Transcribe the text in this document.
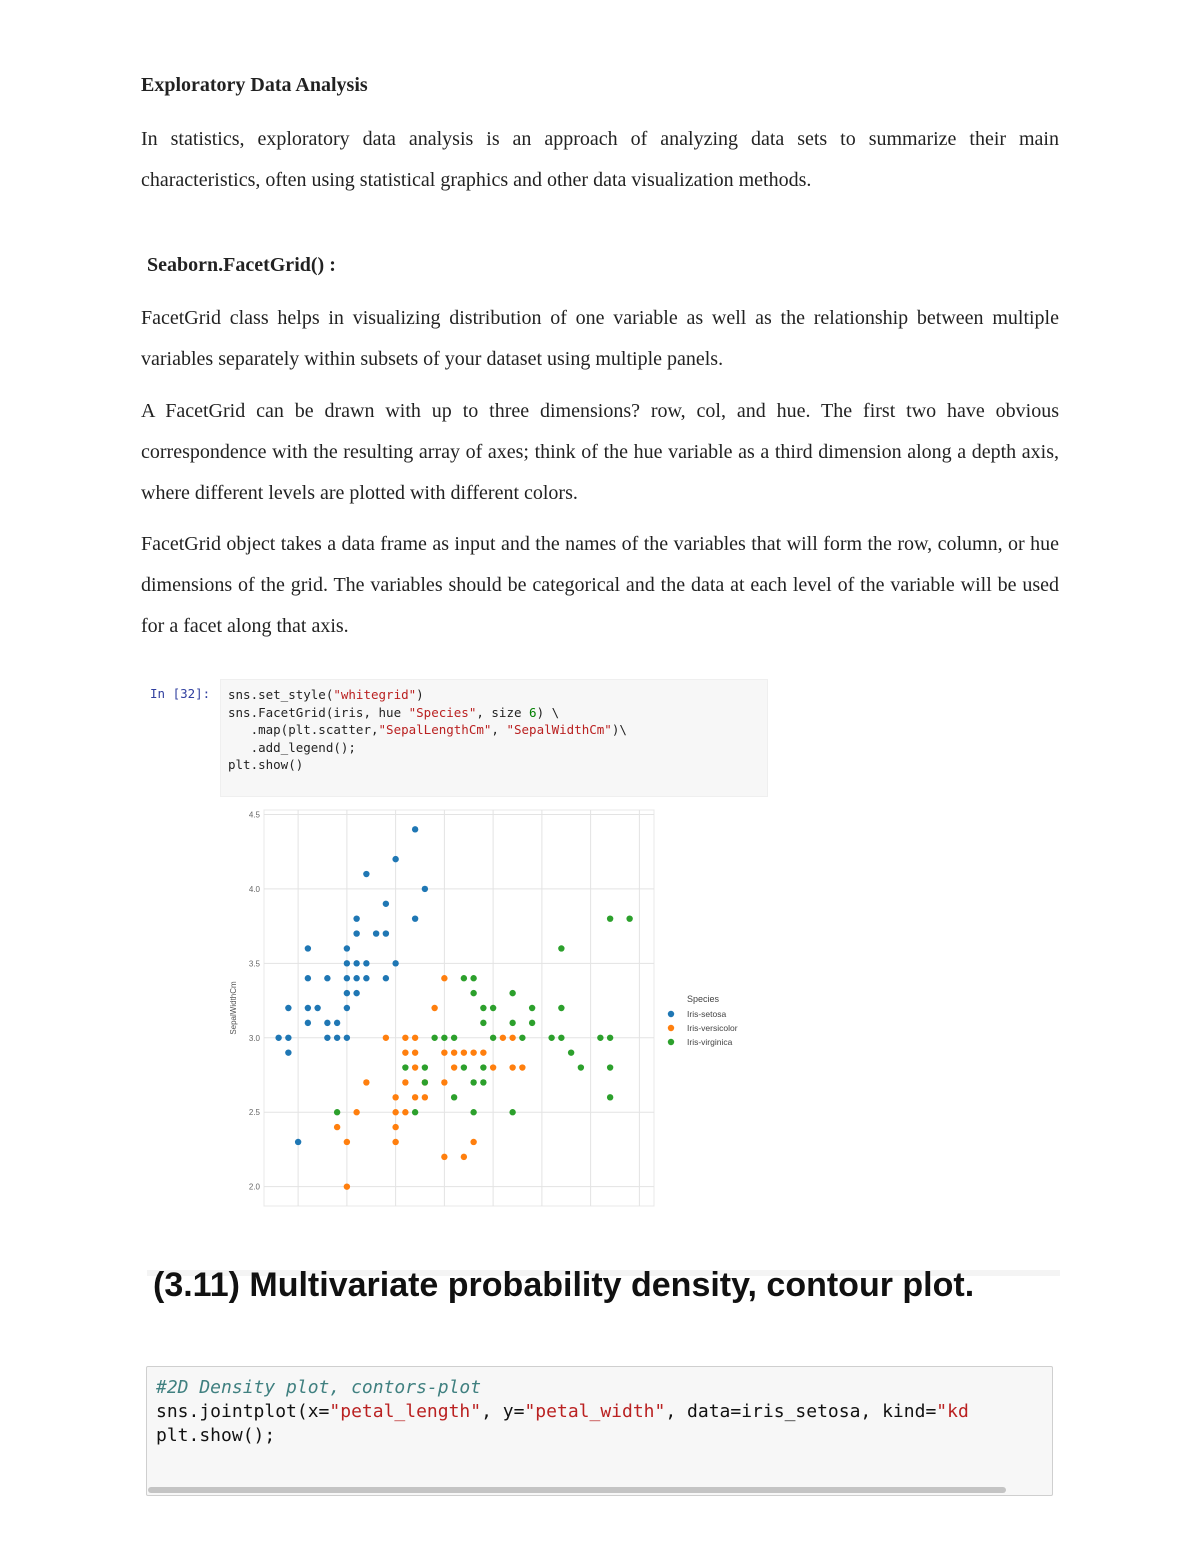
Exploratory Data Analysis

In statistics, exploratory data analysis is an approach of analyzing data sets to summarize their main characteristics, often using statistical graphics and other data visualization methods.

Seaborn.FacetGrid() :

FacetGrid class helps in visualizing distribution of one variable as well as the relationship between multiple variables separately within subsets of your dataset using multiple panels.

A FacetGrid can be drawn with up to three dimensions? row, col, and hue. The first two have obvious correspondence with the resulting array of axes; think of the hue variable as a third dimension along a depth axis, where different levels are plotted with different colors.

FacetGrid object takes a data frame as input and the names of the variables that will form the row, column, or hue dimensions of the grid. The variables should be categorical and the data at each level of the variable will be used for a facet along that axis.

In [32]: sns.set_style("whitegrid")
sns.FacetGrid(iris, hue "Species", size 6) \
.map(plt.scatter,"SepalLengthCm", "SepalWidthCm")\
.add_legend();
plt.show()
2.0
2.5
3.0
3.5
4.0
4.5
SepalWidthCm	Species
Iris-setosa
Iris-versicolor
Iris-virginica
(3.11) Multivariate probability density, contour plot.
#2D Density plot, contors-plot
sns.jointplot(x="petal_length", y="petal_width", data=iris_setosa, kind="kd
plt.show();
